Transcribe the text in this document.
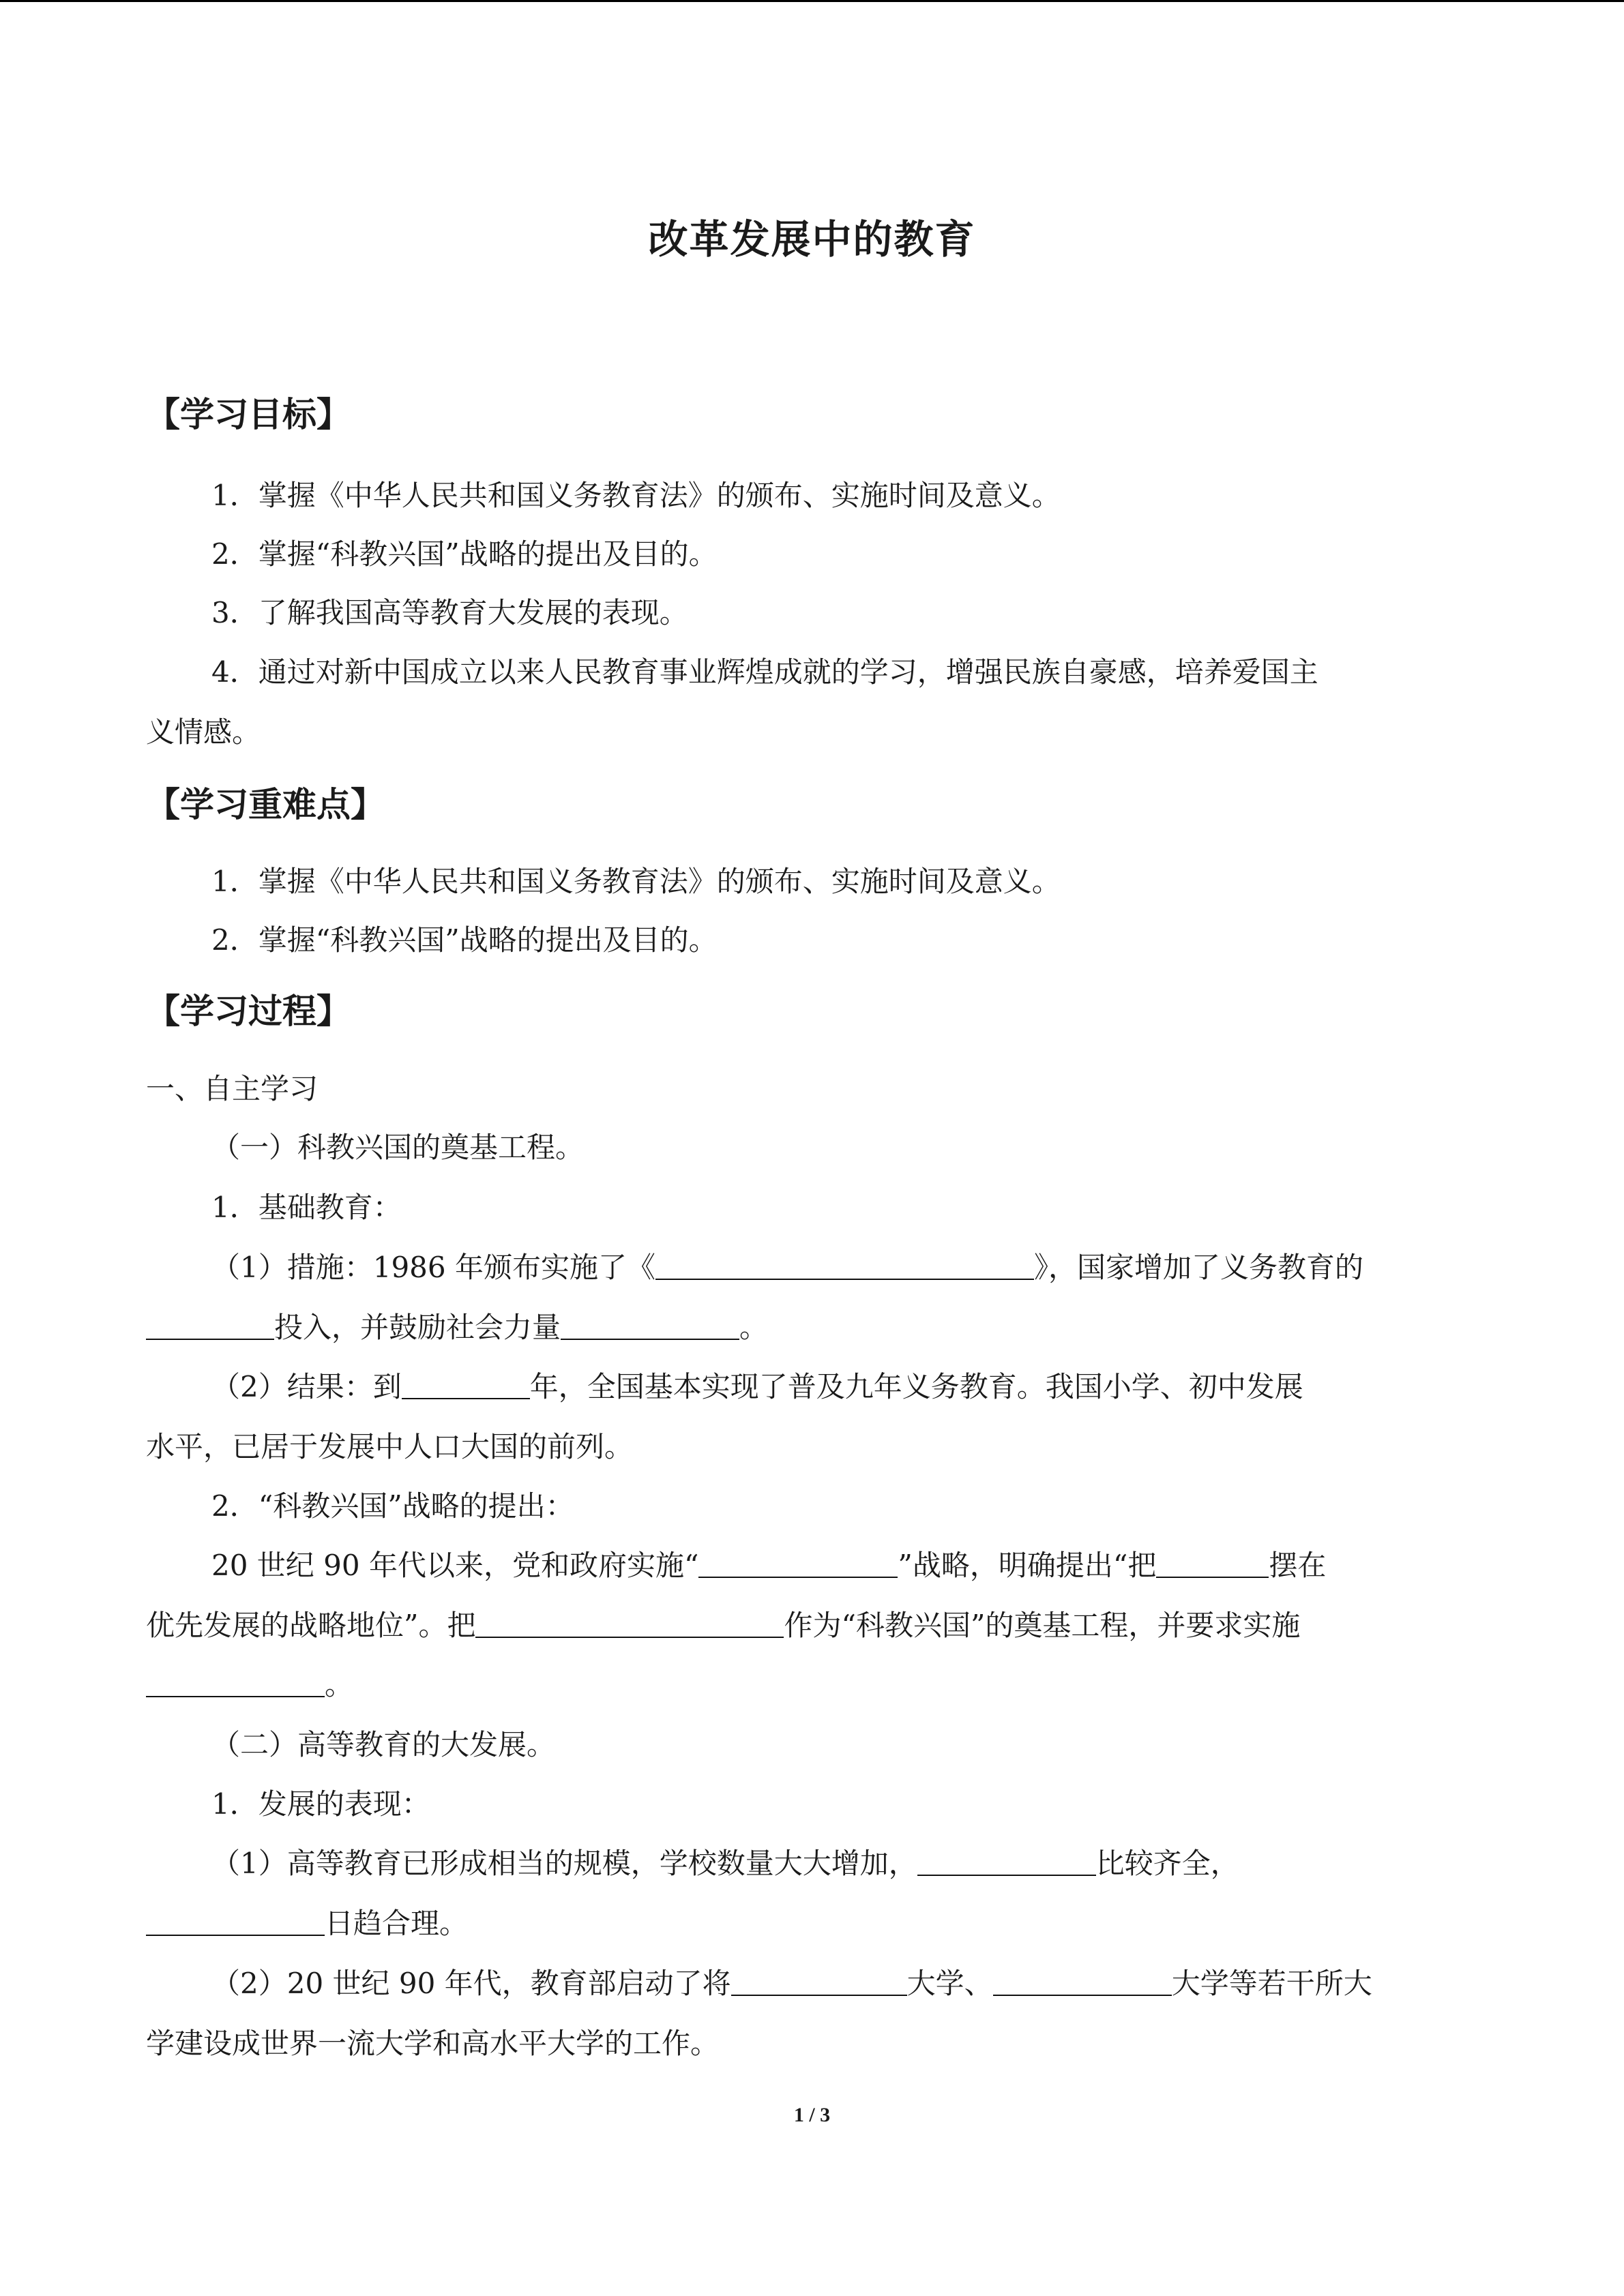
改革发展中的教育
【学习目标】
1．掌握《中华人民共和国义务教育法》的颁布、实施时间及意义。
2．掌握“科教兴国”战略的提出及目的。
3．了解我国高等教育大发展的表现。
4．通过对新中国成立以来人民教育事业辉煌成就的学习，增强民族自豪感，培养爱国主
义情感。
【学习重难点】
1．掌握《中华人民共和国义务教育法》的颁布、实施时间及意义。
2．掌握“科教兴国”战略的提出及目的。
【学习过程】
一、自主学习
（一）科教兴国的奠基工程。
1．基础教育：
（1）措施：1986 年颁布实施了《	》，国家增加了义务教育的
投入，并鼓励社会力量	。
（2）结果：到	年，全国基本实现了普及九年义务教育。我国小学、初中发展
水平，已居于发展中人口大国的前列。
2．“科教兴国”战略的提出：
20 世纪 90 年代以来，党和政府实施“	”战略，明确提出“把	摆在
优先发展的战略地位”。把	作为“科教兴国”的奠基工程，并要求实施
。
（二）高等教育的大发展。
1．发展的表现：
（1）高等教育已形成相当的规模，学校数量大大增加，	比较齐全，
日趋合理。
（2）20 世纪 90 年代，教育部启动了将	大学、	大学等若干所大
学建设成世界一流大学和高水平大学的工作。
1 / 3
